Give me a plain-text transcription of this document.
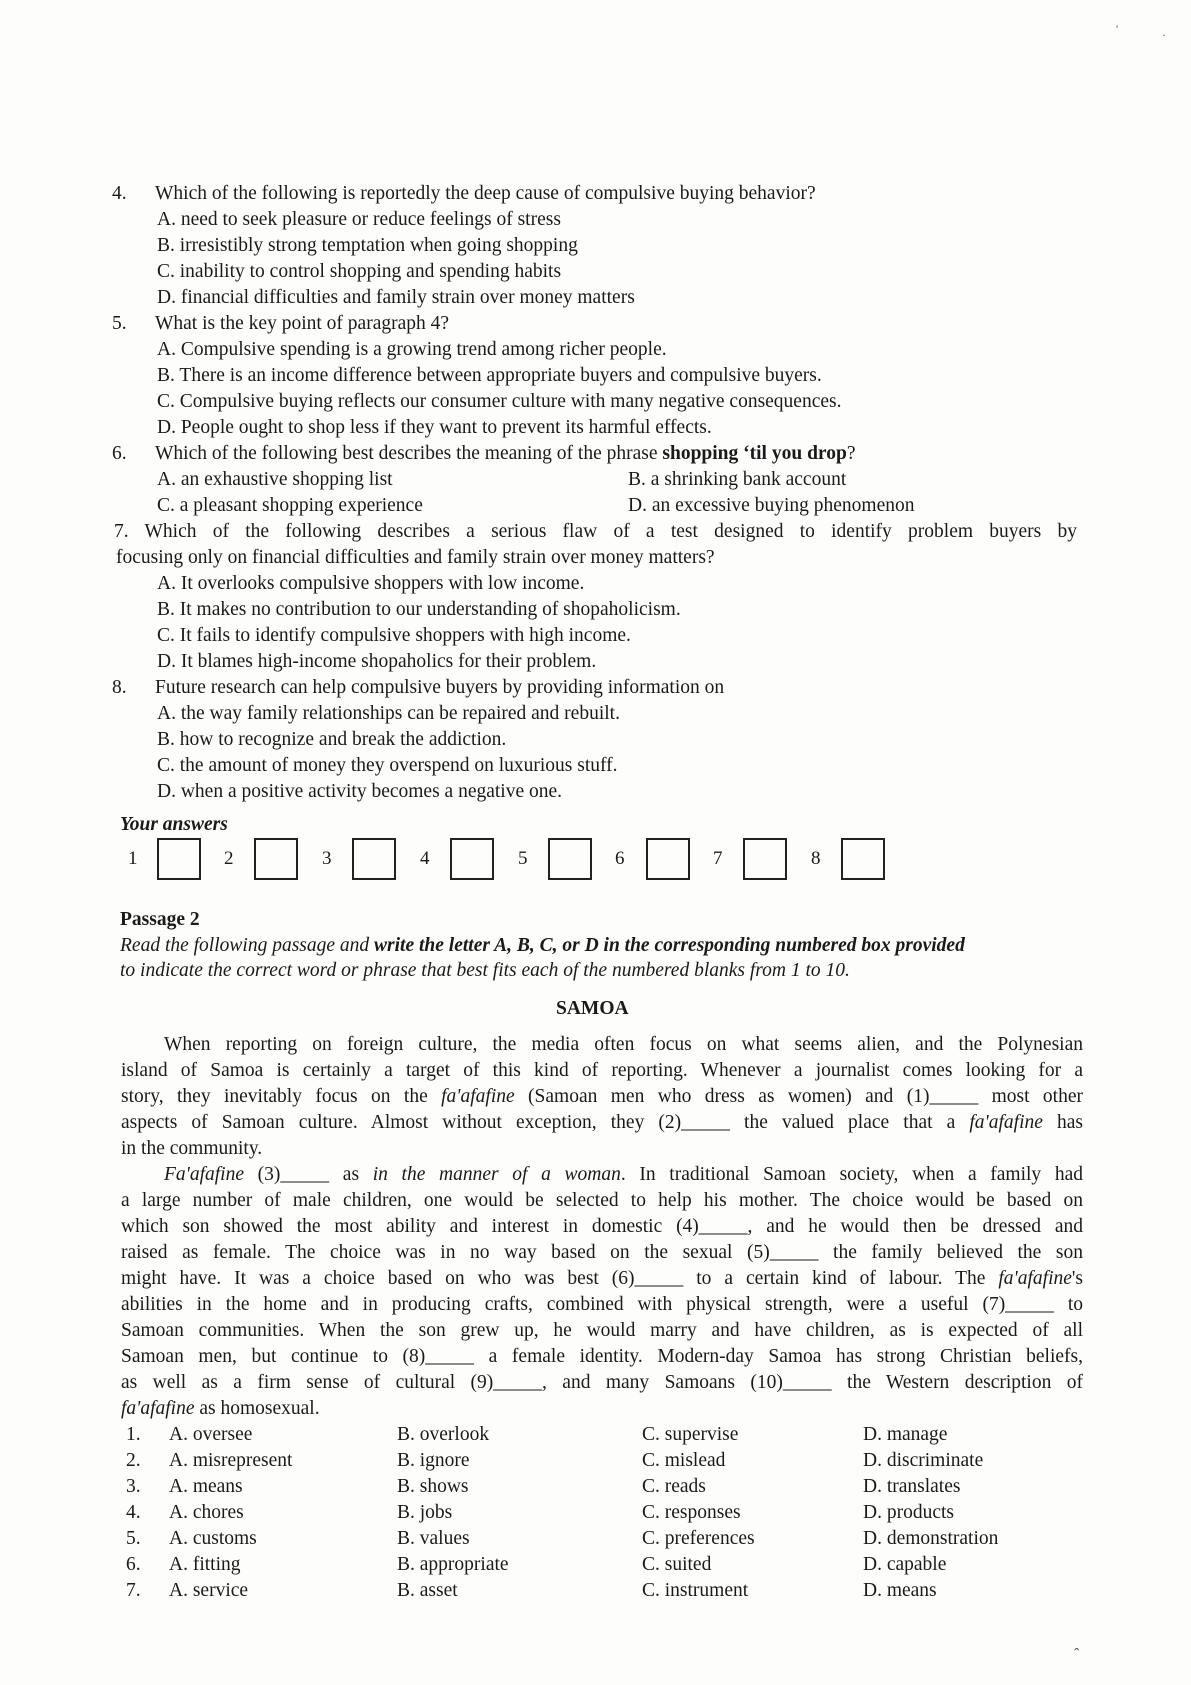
4. Which of the following is reportedly the deep cause of compulsive buying behavior?
A. need to seek pleasure or reduce feelings of stress
B. irresistibly strong temptation when going shopping
C. inability to control shopping and spending habits
D. financial difficulties and family strain over money matters
5. What is the key point of paragraph 4?
A. Compulsive spending is a growing trend among richer people.
B. There is an income difference between appropriate buyers and compulsive buyers.
C. Compulsive buying reflects our consumer culture with many negative consequences.
D. People ought to shop less if they want to prevent its harmful effects.
6. Which of the following best describes the meaning of the phrase shopping ‘til you drop?
A. an exhaustive shopping list	B. a shrinking bank account
C. a pleasant shopping experience	D. an excessive buying phenomenon
7. Which of the following describes a serious flaw of a test designed to identify problem buyers by
focusing only on financial difficulties and family strain over money matters?
A. It overlooks compulsive shoppers with low income.
B. It makes no contribution to our understanding of shopaholicism.
C. It fails to identify compulsive shoppers with high income.
D. It blames high-income shopaholics for their problem.
8. Future research can help compulsive buyers by providing information on
A. the way family relationships can be repaired and rebuilt.
B. how to recognize and break the addiction.
C. the amount of money they overspend on luxurious stuff.
D. when a positive activity becomes a negative one.
Your answers
1	2	3	4	5	6	7	8
Passage 2
Read the following passage and write the letter A, B, C, or D in the corresponding numbered box provided
to indicate the correct word or phrase that best fits each of the numbered blanks from 1 to 10.
SAMOA
When reporting on foreign culture, the media often focus on what seems alien, and the Polynesian
island of Samoa is certainly a target of this kind of reporting. Whenever a journalist comes looking for a
story, they inevitably focus on the fa'afafine (Samoan men who dress as women) and (1)_____ most other
aspects of Samoan culture. Almost without exception, they (2)_____ the valued place that a fa'afafine has
in the community.
Fa'afafine (3)_____ as in the manner of a woman. In traditional Samoan society, when a family had
a large number of male children, one would be selected to help his mother. The choice would be based on
which son showed the most ability and interest in domestic (4)_____, and he would then be dressed and
raised as female. The choice was in no way based on the sexual (5)_____ the family believed the son
might have. It was a choice based on who was best (6)_____ to a certain kind of labour. The fa'afafine's
abilities in the home and in producing crafts, combined with physical strength, were a useful (7)_____ to
Samoan communities. When the son grew up, he would marry and have children, as is expected of all
Samoan men, but continue to (8)_____ a female identity. Modern-day Samoa has strong Christian beliefs,
as well as a firm sense of cultural (9)_____, and many Samoans (10)_____ the Western description of
fa'afafine as homosexual.
1. A. oversee	B. overlook	C. supervise	D. manage
2. A. misrepresent	B. ignore	C. mislead	D. discriminate
3. A. means	B. shows	C. reads	D. translates
4. A. chores	B. jobs	C. responses	D. products
5. A. customs	B. values	C. preferences	D. demonstration
6. A. fitting	B. appropriate	C. suited	D. capable
7. A. service	B. asset	C. instrument	D. means
'	·
ˆ
